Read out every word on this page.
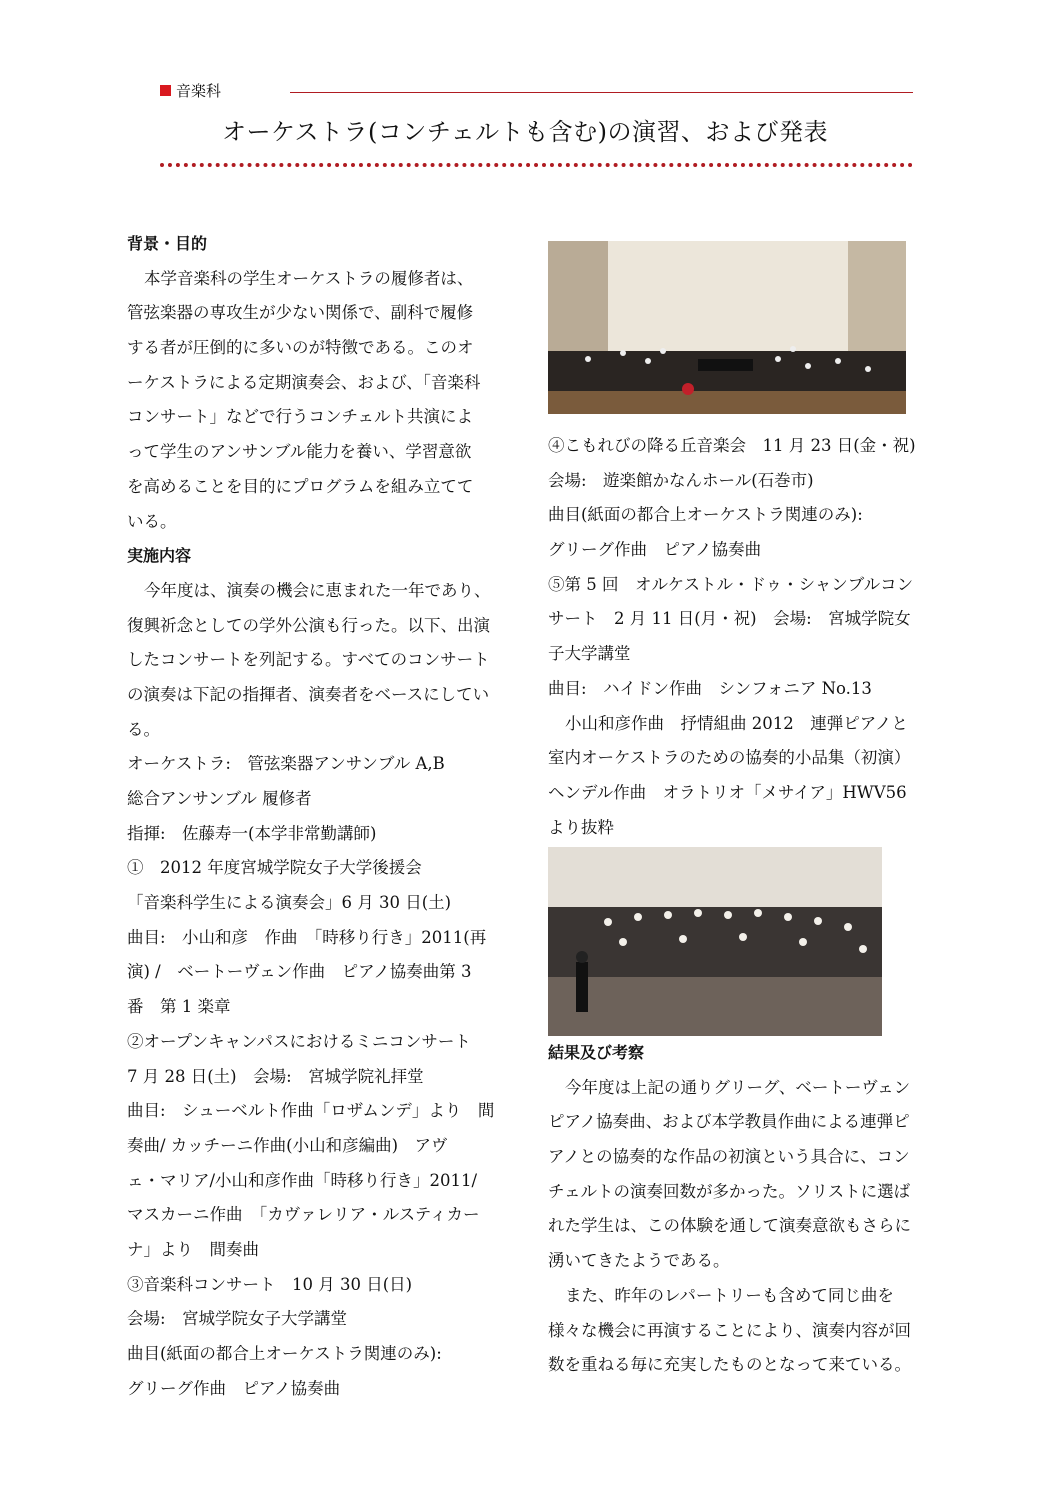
音楽科
オーケストラ(コンチェルトも含む)の演習、および発表
背景・目的
本学音楽科の学生オーケストラの履修者は、
管弦楽器の専攻生が少ない関係で、副科で履修
する者が圧倒的に多いのが特徴である。このオ
ーケストラによる定期演奏会、および、「音楽科
コンサート」などで行うコンチェルト共演によ
って学生のアンサンブル能力を養い、学習意欲
を高めることを目的にプログラムを組み立てて
いる。
実施内容
今年度は、演奏の機会に恵まれた一年であり、
復興祈念としての学外公演も行った。以下、出演
したコンサートを列記する。すべてのコンサート
の演奏は下記の指揮者、演奏者をベースにしてい
る。
オーケストラ:　管弦楽器アンサンブル A,B
総合アンサンブル 履修者
指揮:　佐藤寿一(本学非常勤講師)
①　2012 年度宮城学院女子大学後援会
「音楽科学生による演奏会」6 月 30 日(土)
曲目:　小山和彦　作曲　「時移り行き」2011(再
演) /　ベートーヴェン作曲　ピアノ協奏曲第 3
番　第 1 楽章
②オープンキャンパスにおけるミニコンサート
7 月 28 日(土)　会場:　宮城学院礼拝堂
曲目:　シューベルト作曲「ロザムンデ」より　間
奏曲/ カッチーニ作曲(小山和彦編曲)　アヴ
ェ・マリア/小山和彦作曲「時移り行き」2011/
マスカーニ作曲　「カヴァレリア・ルスティカー
ナ」より　間奏曲
③音楽科コンサート　10 月 30 日(日)
会場:　宮城学院女子大学講堂
曲目(紙面の都合上オーケストラ関連のみ):
グリーグ作曲　ピアノ協奏曲
④こもれびの降る丘音楽会　11 月 23 日(金・祝)
会場:　遊楽館かなんホール(石巻市)
曲目(紙面の都合上オーケストラ関連のみ):
グリーグ作曲　ピアノ協奏曲
⑤第 5 回　オルケストル・ドゥ・シャンブルコン
サート　2 月 11 日(月・祝)　会場:　宮城学院女
子大学講堂
曲目:　ハイドン作曲　シンフォニア No.13
小山和彦作曲　抒情組曲 2012　連弾ピアノと
室内オーケストラのための協奏的小品集（初演）
ヘンデル作曲　オラトリオ「メサイア」HWV56
より抜粋
結果及び考察
今年度は上記の通りグリーグ、ベートーヴェン
ピアノ協奏曲、および本学教員作曲による連弾ピ
アノとの協奏的な作品の初演という具合に、コン
チェルトの演奏回数が多かった。ソリストに選ば
れた学生は、この体験を通して演奏意欲もさらに
湧いてきたようである。
また、昨年のレパートリーも含めて同じ曲を
様々な機会に再演することにより、演奏内容が回
数を重ねる毎に充実したものとなって来ている。
